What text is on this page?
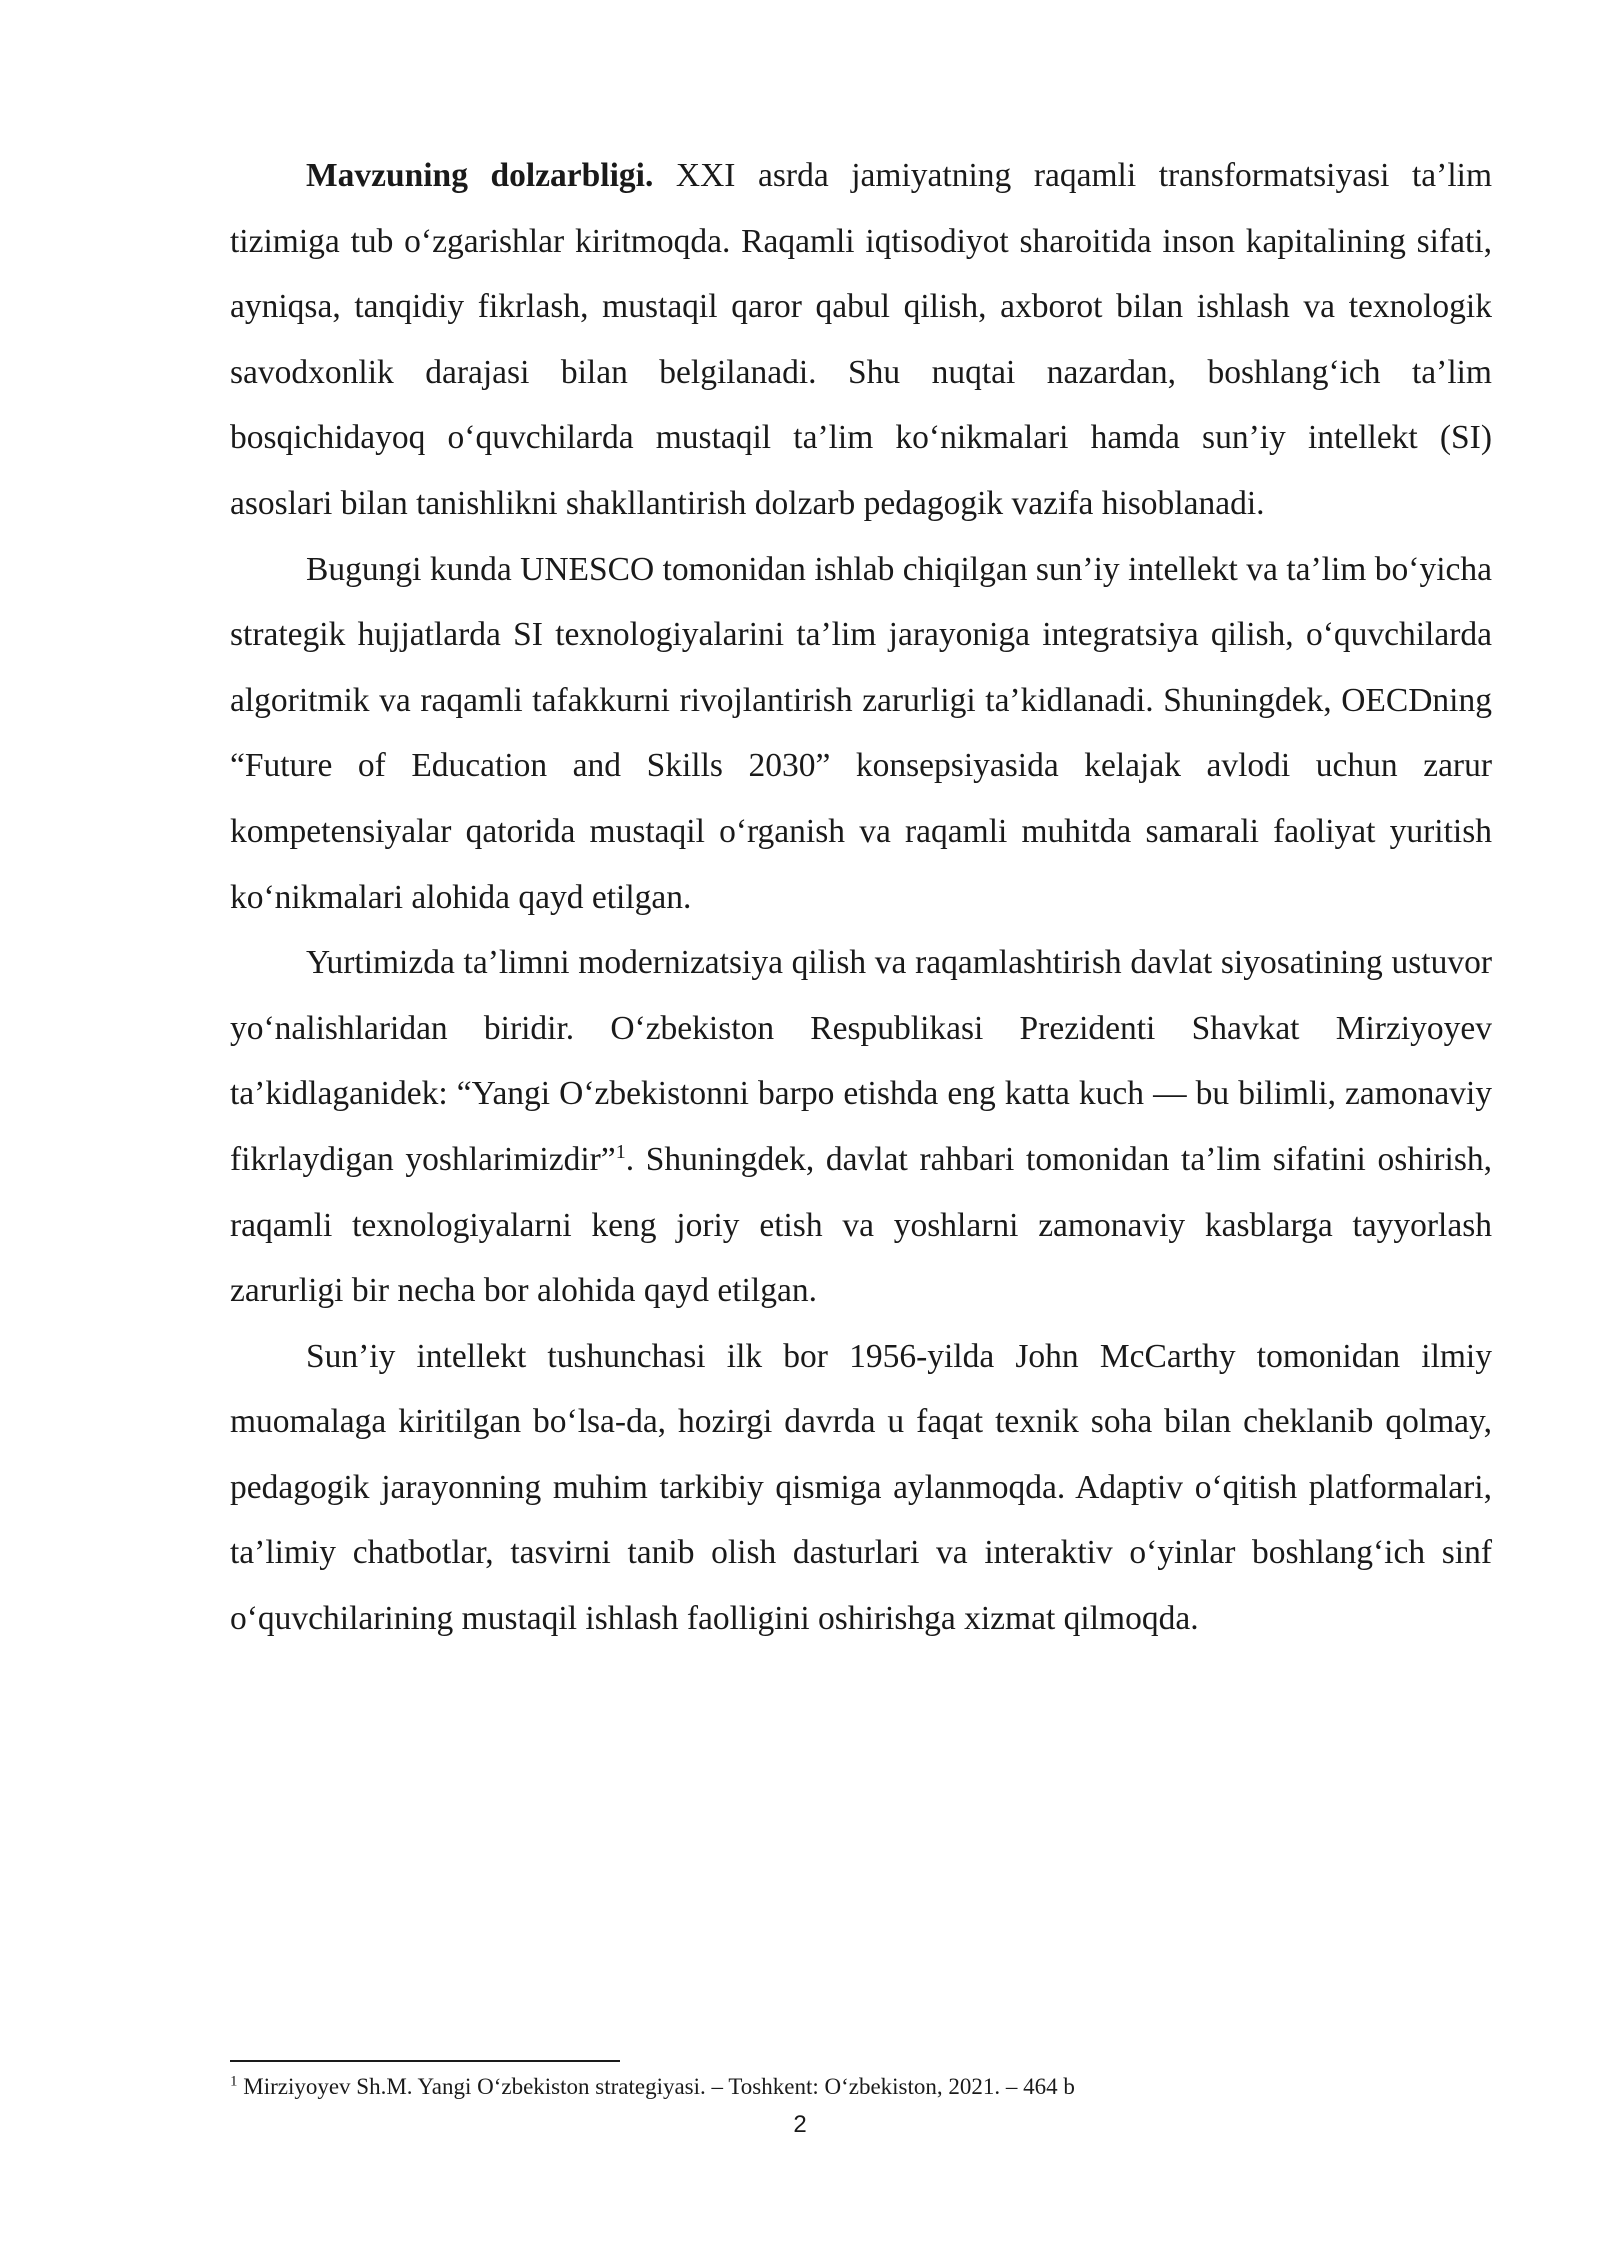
Mavzuning dolzarbligi. XXI asrda jamiyatning raqamli transformatsiyasi ta’lim tizimiga tub o‘zgarishlar kiritmoqda. Raqamli iqtisodiyot sharoitida inson kapitalining sifati, ayniqsa, tanqidiy fikrlash, mustaqil qaror qabul qilish, axborot bilan ishlash va texnologik savodxonlik darajasi bilan belgilanadi. Shu nuqtai nazardan, boshlang‘ich ta’lim bosqichidayoq o‘quvchilarda mustaqil ta’lim ko‘nikmalari hamda sun’iy intellekt (SI) asoslari bilan tanishlikni shakllantirish dolzarb pedagogik vazifa hisoblanadi.

Bugungi kunda UNESCO tomonidan ishlab chiqilgan sun’iy intellekt va ta’lim bo‘yicha strategik hujjatlarda SI texnologiyalarini ta’lim jarayoniga integratsiya qilish, o‘quvchilarda algoritmik va raqamli tafakkurni rivojlantirish zarurligi ta’kidlanadi. Shuningdek, OECDning “Future of Education and Skills 2030” konsepsiyasida kelajak avlodi uchun zarur kompetensiyalar qatorida mustaqil o‘rganish va raqamli muhitda samarali faoliyat yuritish ko‘nikmalari alohida qayd etilgan.

Yurtimizda ta’limni modernizatsiya qilish va raqamlashtirish davlat siyosatining ustuvor yo‘nalishlaridan biridir. O‘zbekiston Respublikasi Prezidenti Shavkat Mirziyoyev ta’kidlaganidek: “Yangi O‘zbekistonni barpo etishda eng katta kuch — bu bilimli, zamonaviy fikrlaydigan yoshlarimizdir”$^1$. Shuningdek, davlat rahbari tomonidan ta’lim sifatini oshirish, raqamli texnologiyalarni keng joriy etish va yoshlarni zamonaviy kasblarga tayyorlash zarurligi bir necha bor alohida qayd etilgan.

Sun’iy intellekt tushunchasi ilk bor 1956-yilda John McCarthy tomonidan ilmiy muomalaga kiritilgan bo‘lsa-da, hozirgi davrda u faqat texnik soha bilan cheklanib qolmay, pedagogik jarayonning muhim tarkibiy qismiga aylanmoqda. Adaptiv o‘qitish platformalari, ta’limiy chatbotlar, tasvirni tanib olish dasturlari va interaktiv o‘yinlar boshlang‘ich sinf o‘quvchilarining mustaqil ishlash faolligini oshirishga xizmat qilmoqda.

$^1$ Mirziyoyev Sh.M. Yangi O‘zbekiston strategiyasi. – Toshkent: O‘zbekiston, 2021. – 464 b
2
